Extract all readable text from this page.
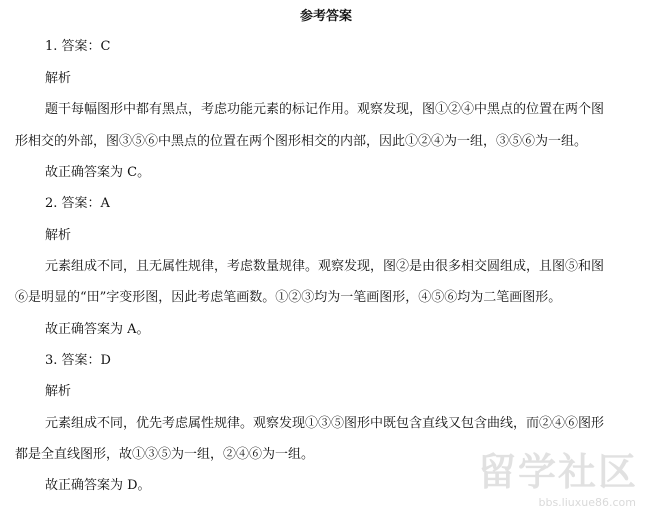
参考答案
1. 答案：C
解析
题干每幅图形中都有黑点，考虑功能元素的标记作用。观察发现，图①②④中黑点的位置在两个图
形相交的外部，图③⑤⑥中黑点的位置在两个图形相交的内部，因此①②④为一组，③⑤⑥为一组。
故正确答案为 C。
2. 答案：A
解析
元素组成不同，且无属性规律，考虑数量规律。观察发现，图②是由很多相交圆组成，且图⑤和图
⑥是明显的“田”字变形图，因此考虑笔画数。①②③均为一笔画图形，④⑤⑥均为二笔画图形。
故正确答案为 A。
3. 答案：D
解析
元素组成不同，优先考虑属性规律。观察发现①③⑤图形中既包含直线又包含曲线，而②④⑥图形
都是全直线图形，故①③⑤为一组，②④⑥为一组。
故正确答案为 D。	留学社区
bbs.liuxue86.com
